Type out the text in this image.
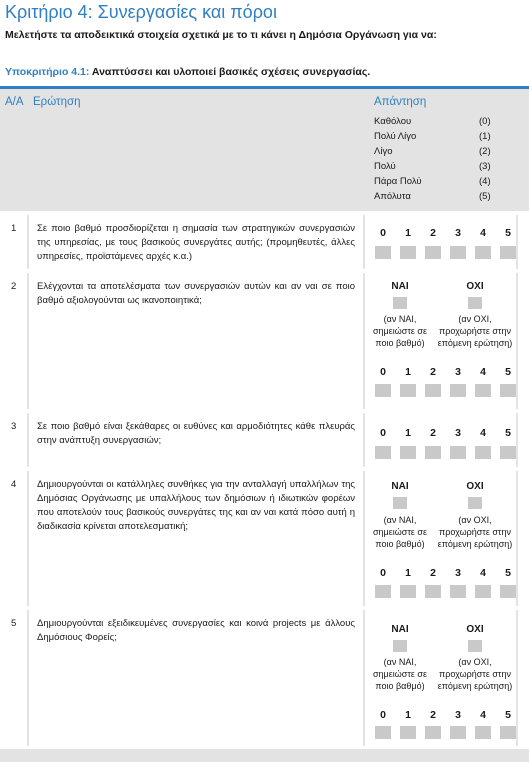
Κριτήριο 4: Συνεργασίες και πόροι
Μελετήστε τα αποδεικτικά στοιχεία σχετικά με το τι κάνει η Δημόσια Οργάνωση για να:
Υποκριτήριο 4.1: Αναπτύσσει και υλοποιεί βασικές σχέσεις συνεργασίας.
Α/Α Ερώτηση	Απάντηση
Καθόλου	(0)
Πολύ Λίγο	(1)
Λίγο	(2)
Πολύ	(3)
Πάρα Πολύ	(4)
Απόλυτα	(5)
1 Σε ποιο βαθμό προσδιορίζεται η σημασία των στρατηγικών συνεργασιών της υπηρεσίας, με τους βασικούς συνεργάτες αυτής; (προμηθευτές, άλλες υπηρεσίες, προϊστάμενες αρχές κ.α.)
0 1 2 3 4 5
2 Ελέγχονται τα αποτελέσματα των συνεργασιών αυτών και αν ναι σε ποιο βαθμό αξιολογούνται ως ικανοποιητικά;
ΝΑΙ	ΟΧΙ
(αν ΝΑΙ, σημειώστε σε ποιο βαθμό)
(αν ΟΧΙ, προχωρήστε στην επόμενη ερώτηση)
0 1 2 3 4 5
3 Σε ποιο βαθμό είναι ξεκάθαρες οι ευθύνες και αρμοδιότητες κάθε πλευράς στην ανάπτυξη συνεργασιών;
0 1 2 3 4 5
4 Δημιουργούνται οι κατάλληλες συνθήκες για την ανταλλαγή υπαλλήλων της Δημόσιας Οργάνωσης με υπαλλήλους των δημόσιων ή ιδιωτικών φορέων που αποτελούν τους βασικούς συνεργάτες της και αν ναι κατά πόσο αυτή η διαδικασία κρίνεται αποτελεσματική;
ΝΑΙ	ΟΧΙ
(αν ΝΑΙ, σημειώστε σε ποιο βαθμό)
(αν ΟΧΙ, προχωρήστε στην επόμενη ερώτηση)
0 1 2 3 4 5
5 Δημιουργούνται εξειδικευμένες συνεργασίες και κοινά projects με άλλους Δημόσιους Φορείς;
ΝΑΙ	ΟΧΙ
(αν ΝΑΙ, σημειώστε σε ποιο βαθμό)
(αν ΟΧΙ, προχωρήστε στην επόμενη ερώτηση)
0 1 2 3 4 5
